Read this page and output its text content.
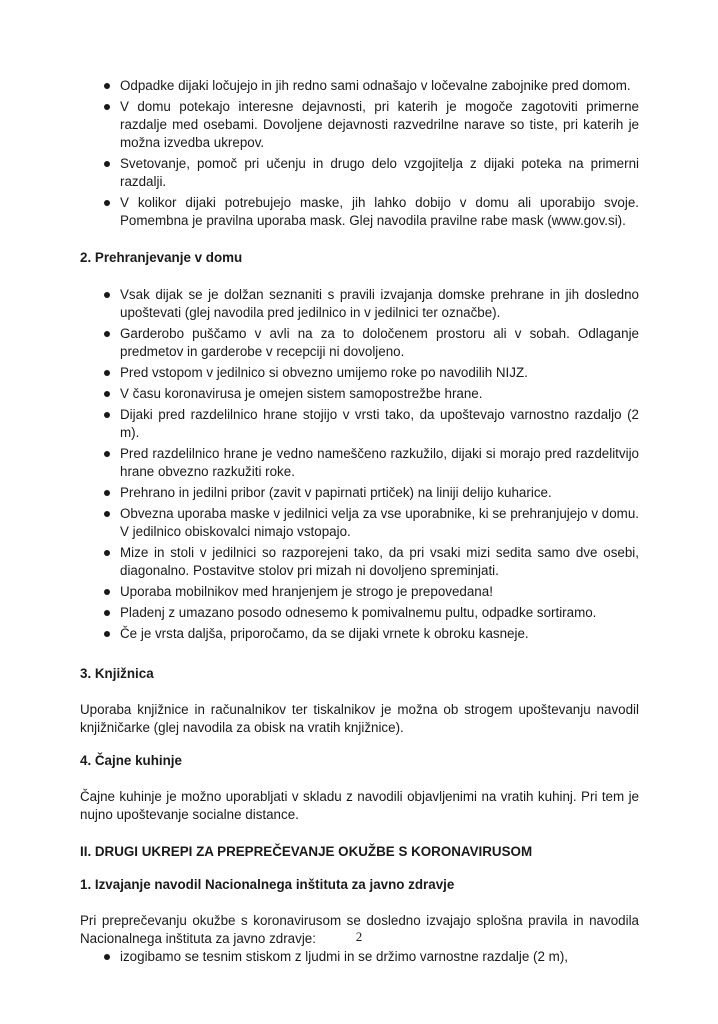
Odpadke dijaki ločujejo in jih redno sami odnašajo v ločevalne zabojnike pred domom.
V domu potekajo interesne dejavnosti, pri katerih je mogoče zagotoviti primerne razdalje med osebami. Dovoljene dejavnosti razvedrilne narave so tiste, pri katerih je možna izvedba ukrepov.
Svetovanje, pomoč pri učenju in drugo delo vzgojitelja z dijaki poteka na primerni razdalji.
V kolikor dijaki potrebujejo maske, jih lahko dobijo v domu ali uporabijo svoje. Pomembna je pravilna uporaba mask. Glej navodila pravilne rabe mask (www.gov.si).

2. Prehranjevanje v domu

Vsak dijak se je dolžan seznaniti s pravili izvajanja domske prehrane in jih dosledno upoštevati (glej navodila pred jedilnico in v jedilnici ter označbe).
Garderobo puščamo v avli na za to določenem prostoru ali v sobah. Odlaganje predmetov in garderobe v recepciji ni dovoljeno.
Pred vstopom v jedilnico si obvezno umijemo roke po navodilih NIJZ.
V času koronavirusa je omejen sistem samopostrežbe hrane.
Dijaki pred razdelilnico hrane stojijo v vrsti tako, da upoštevajo varnostno razdaljo (2 m).
Pred razdelilnico hrane je vedno nameščeno razkužilo, dijaki si morajo pred razdelitvijo hrane obvezno razkužiti roke.
Prehrano in jedilni pribor (zavit v papirnati prtiček) na liniji delijo kuharice.
Obvezna uporaba maske v jedilnici velja za vse uporabnike, ki se prehranjujejo v domu. V jedilnico obiskovalci nimajo vstopajo.
Mize in stoli v jedilnici so razporejeni tako, da pri vsaki mizi sedita samo dve osebi, diagonalno. Postavitve stolov pri mizah ni dovoljeno spreminjati.
Uporaba mobilnikov med hranjenjem je strogo je prepovedana!
Pladenj z umazano posodo odnesemo k pomivalnemu pultu, odpadke sortiramo.
Če je vrsta daljša, priporočamo, da se dijaki vrnete k obroku kasneje.

3. Knjižnica

Uporaba knjižnice in računalnikov ter tiskalnikov je možna ob strogem upoštevanju navodil knjižničarke (glej navodila za obisk na vratih knjižnice).

4. Čajne kuhinje

Čajne kuhinje je možno uporabljati v skladu z navodili objavljenimi na vratih kuhinj. Pri tem je nujno upoštevanje socialne distance.

II. DRUGI UKREPI ZA PREPREČEVANJE OKUŽBE S KORONAVIRUSOM

1. Izvajanje navodil Nacionalnega inštituta za javno zdravje

Pri preprečevanju okužbe s koronavirusom se dosledno izvajajo splošna pravila in navodila Nacionalnega inštituta za javno zdravje:

izogibamo se tesnim stiskom z ljudmi in se držimo varnostne razdalje (2 m),
2
